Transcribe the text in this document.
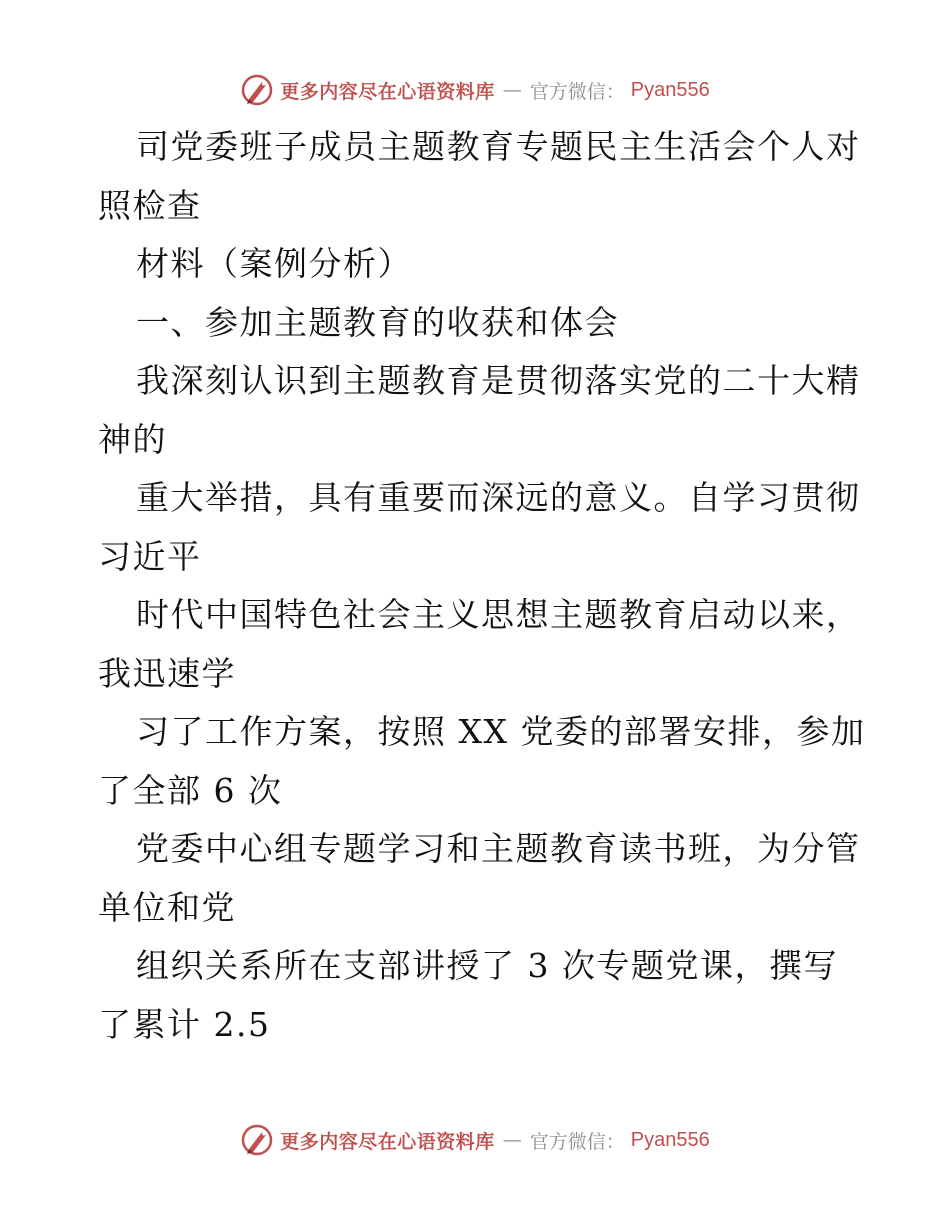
更多内容尽在心语资料库 — 官方微信： Pyan556
司党委班子成员主题教育专题民主生活会个人对
照检查
材料（案例分析）
一、参加主题教育的收获和体会
我深刻认识到主题教育是贯彻落实党的二十大精
神的
重大举措，具有重要而深远的意义。自学习贯彻
习近平
时代中国特色社会主义思想主题教育启动以来，
我迅速学
习了工作方案，按照 XX 党委的部署安排，参加
了全部 6 次
党委中心组专题学习和主题教育读书班，为分管
单位和党
组织关系所在支部讲授了 3 次专题党课，撰写
了累计 2.5
更多内容尽在心语资料库 — 官方微信： Pyan556
